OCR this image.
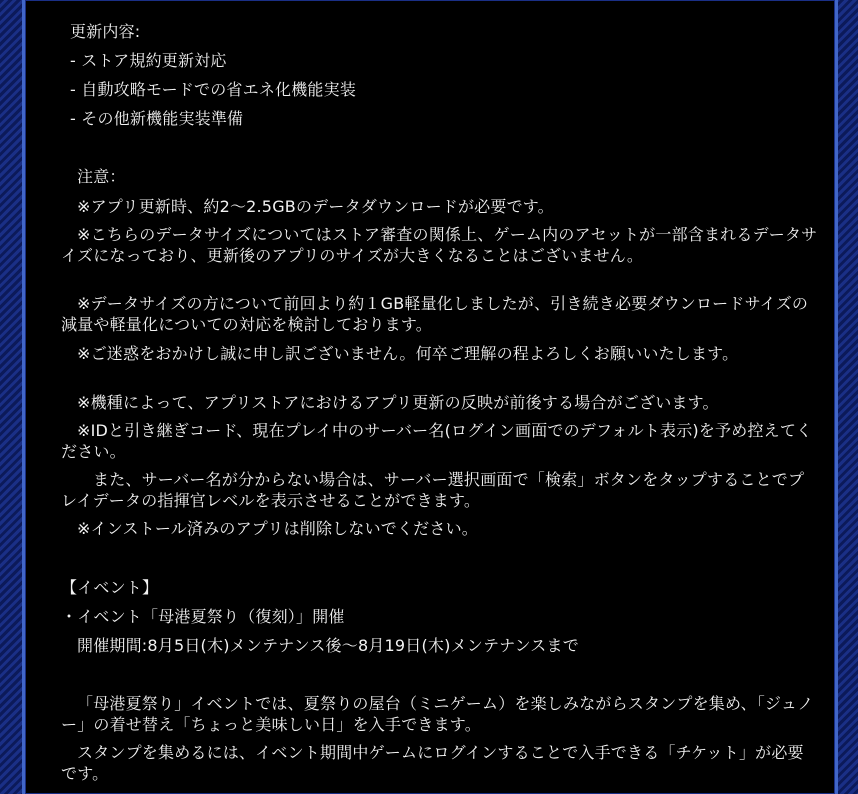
更新内容:
- ストア規約更新対応
- 自動攻略モードでの省エネ化機能実装
- その他新機能実装準備
注意：
※アプリ更新時、約2〜2.5GBのデータダウンロードが必要です。
※こちらのデータサイズについてはストア審査の関係上、ゲーム内のアセットが一部含まれるデータサイズになっており、更新後のアプリのサイズが大きくなることはございません。
※データサイズの方について前回より約１GB軽量化しましたが、引き続き必要ダウンロードサイズの減量や軽量化についての対応を検討しております。
※ご迷惑をおかけし誠に申し訳ございません。何卒ご理解の程よろしくお願いいたします。
※機種によって、アプリストアにおけるアプリ更新の反映が前後する場合がございます。
※IDと引き継ぎコード、現在プレイ中のサーバー名(ログイン画面でのデフォルト表示)を予め控えてください。
また、サーバー名が分からない場合は、サーバー選択画面で「検索」ボタンをタップすることでプレイデータの指揮官レベルを表示させることができます。
※インストール済みのアプリは削除しないでください。
【イベント】
・イベント「母港夏祭り（復刻）」開催
開催期間:8月5日(木)メンテナンス後〜8月19日(木)メンテナンスまで
「母港夏祭り」イベントでは、夏祭りの屋台（ミニゲーム）を楽しみながらスタンプを集め、「ジュノー」の着せ替え「ちょっと美味しい日」を入手できます。
スタンプを集めるには、イベント期間中ゲームにログインすることで入手できる「チケット」が必要です。
